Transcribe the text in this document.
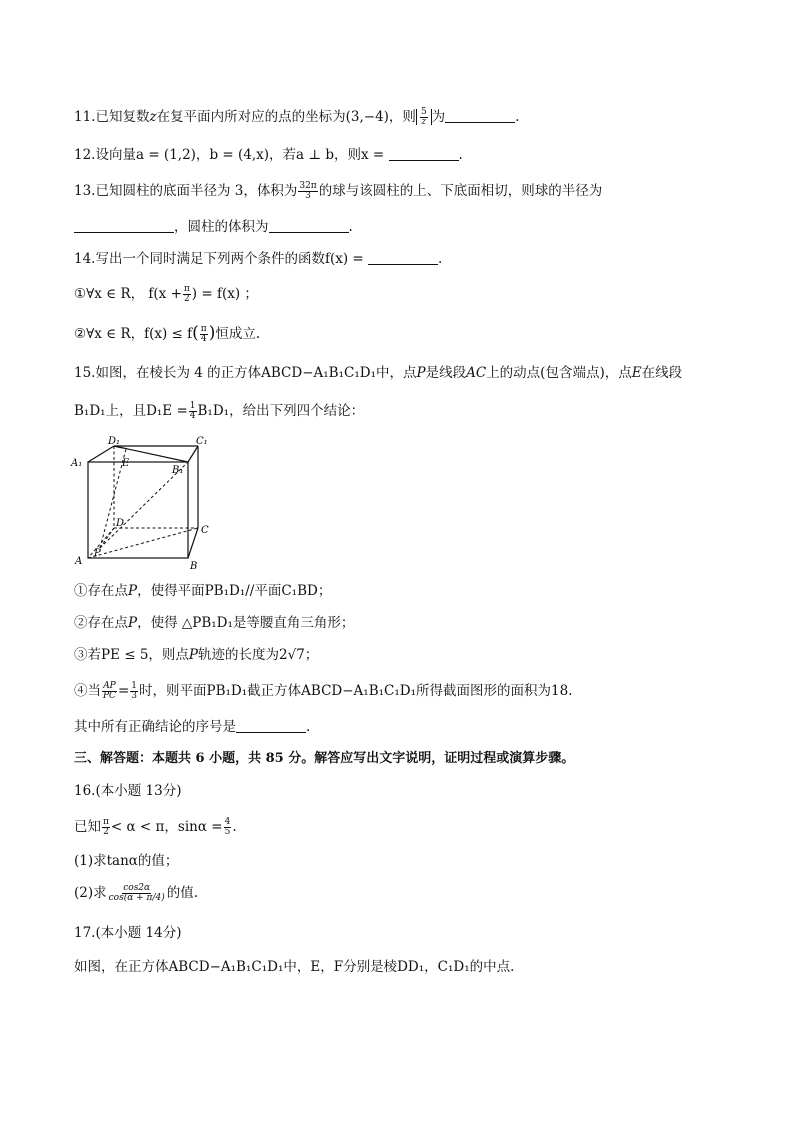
11.已知复数z在复平面内所对应的点的坐标为(3,−4)，则 $\frac{5}{z}$ 为	.
12.设向量a = (1,2)，b = (4,x)，若a ⊥ b，则x =	.
13.已知圆柱的底面半径为 3，体积为 $\frac{32\pi}{3}$ 的球与该圆柱的上、下底面相切，则球的半径为
，圆柱的体积为	.
14.写出一个同时满足下列两个条件的函数f(x) =	.
①∀x ∈ R， $f(x + \frac{\pi}{2}$ ) = f(x) ；
②∀x ∈ R，$f(x) \le f( \frac{\pi}{4}$ )恒成立.
15.如图，在棱长为 4 的正方体ABCD−A₁B₁C₁D₁中，点P是线段AC上的动点(包含端点)，点E在线段
B₁D₁上，且$D_1E = \frac{1}{4} B_1D_1$，给出下列四个结论：
D₁	C₁
A₁
B₁
E
D
C
A	B
P
①存在点P，使得平面PB₁D₁//平面C₁BD；
②存在点P，使得 △PB₁D₁是等腰直角三角形；
③若PE ≤ 5，则点P轨迹的长度为2√7；
④当 $\frac{AP}{PC} = \frac{1}{3}$ 时，则平面PB₁D₁截正方体ABCD−A₁B₁C₁D₁所得截面图形的面积为18.
其中所有正确结论的序号是	.
三、解答题：本题共 6 小题，共 85 分。解答应写出文字说明，证明过程或演算步骤。
16.(本小题 13分)
已知 $\frac{\pi}{2} < \alpha < \pi$，$\sin\alpha = \frac{4}{5}$ .
(1)求tanα的值；
(2)求 $\frac{\cos 2\alpha}{\cos(\alpha + \pi/4)}$ 的值.
17.(本小题 14分)
如图，在正方体ABCD−A₁B₁C₁D₁中，E，F分别是棱DD₁，C₁D₁的中点.
